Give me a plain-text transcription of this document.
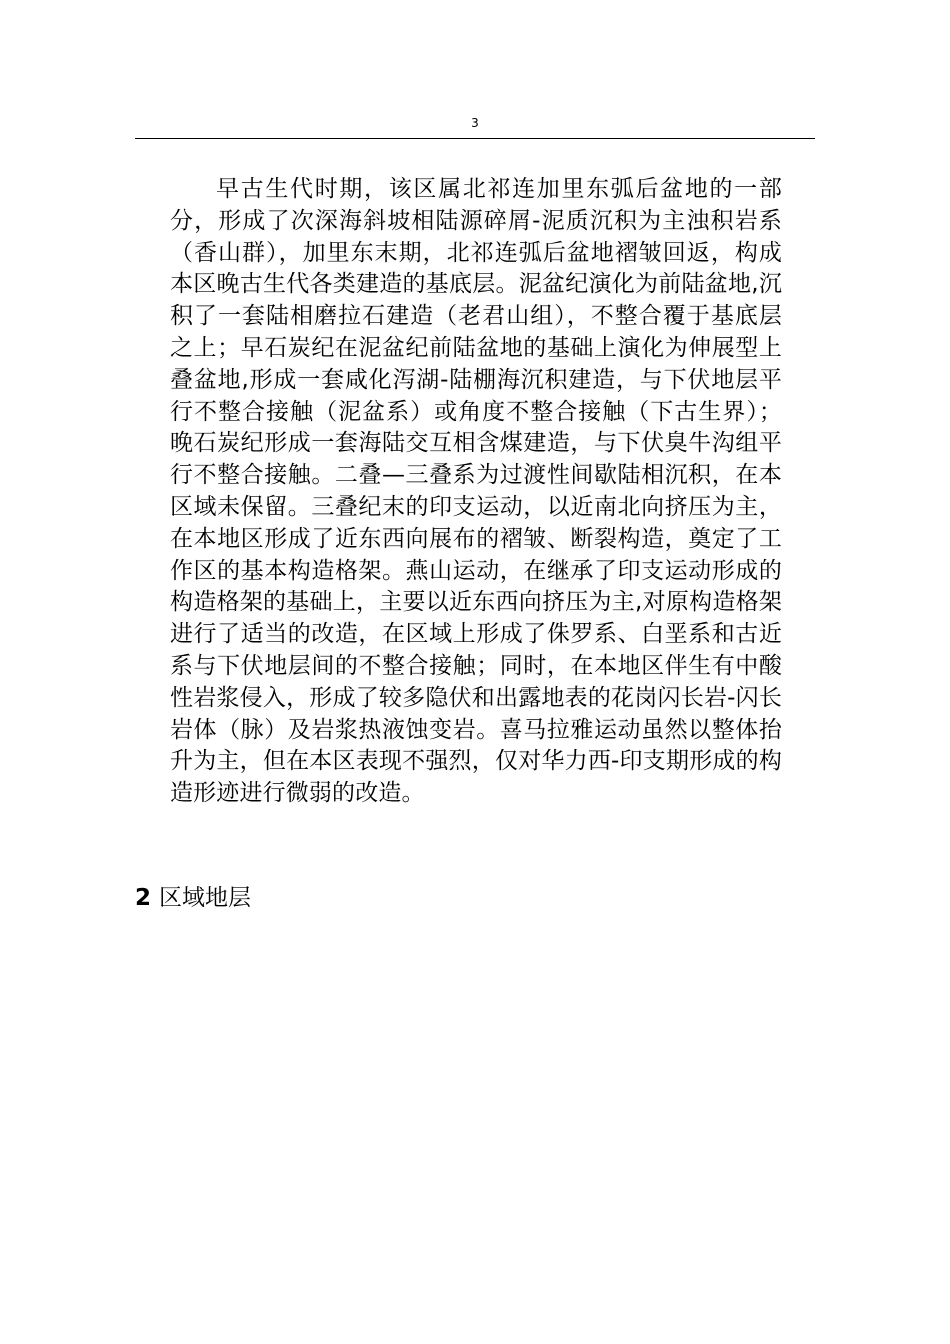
3

早古生代时期，该区属北祁连加里东弧后盆地的一部分，形成了次深海斜坡相陆源碎屑-泥质沉积为主浊积岩系（香山群），加里东末期，北祁连弧后盆地褶皱回返，构成本区晚古生代各类建造的基底层。泥盆纪演化为前陆盆地,沉积了一套陆相磨拉石建造（老君山组），不整合覆于基底层之上；早石炭纪在泥盆纪前陆盆地的基础上演化为伸展型上叠盆地,形成一套咸化泻湖-陆棚海沉积建造，与下伏地层平行不整合接触（泥盆系）或角度不整合接触（下古生界）；晚石炭纪形成一套海陆交互相含煤建造，与下伏臭牛沟组平行不整合接触。二叠—三叠系为过渡性间歇陆相沉积，在本区域未保留。三叠纪末的印支运动，以近南北向挤压为主，在本地区形成了近东西向展布的褶皱、断裂构造，奠定了工作区的基本构造格架。燕山运动，在继承了印支运动形成的构造格架的基础上，主要以近东西向挤压为主,对原构造格架进行了适当的改造，在区域上形成了侏罗系、白垩系和古近系与下伏地层间的不整合接触；同时，在本地区伴生有中酸性岩浆侵入，形成了较多隐伏和出露地表的花岗闪长岩-闪长岩体（脉）及岩浆热液蚀变岩。喜马拉雅运动虽然以整体抬升为主，但在本区表现不强烈，仅对华力西-印支期形成的构造形迹进行微弱的改造。

2 区域地层
